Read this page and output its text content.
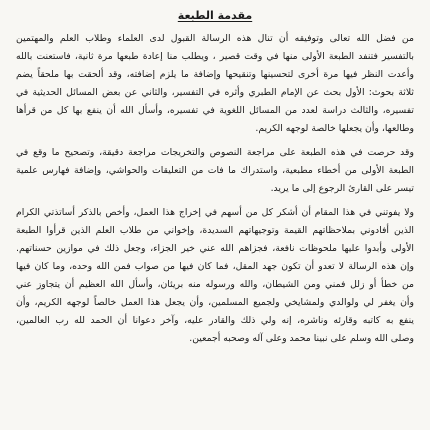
مقدمة الطبعة
من فضل الله تعالى وتوفيقه أن تنال هذه الرسالة القبول لدى العلماء وطلاب العلم والمهتمين
بالتفسير فتنفد الطبعة الأولى منها في وقت قصير ، ويطلب منا إعادة طبعها مرة ثانية، فاستعنت بالله
وأعدت النظر فيها مرة أخرى لتحسينها وتنقيحها وإضافة ما يلزم إضافته، وقد ألحقت بها ملحقاً يضم
ثلاثة بحوث: الأول بحث عن الإمام الطبري وأثره في التفسير، والثاني عن بعض المسائل الحديثية في
تفسيره، والثالث دراسة لعدد من المسائل اللغوية في تفسيره، وأسأل الله أن ينفع بها كل من قرأها
وطالعها، وأن يجعلها خالصة لوجهه الكريم.
وقد حرصت في هذه الطبعة على مراجعة النصوص والتخريجات مراجعة دقيقة، وتصحيح ما وقع في
الطبعة الأولى من أخطاء مطبعية، واستدراك ما فات من التعليقات والحواشي، وإضافة فهارس علمية
تيسر على القارئ الرجوع إلى ما يريد.
ولا يفوتني في هذا المقام أن أشكر كل من أسهم في إخراج هذا العمل، وأخص بالذكر أساتذتي الكرام
الذين أفادوني بملاحظاتهم القيمة وتوجيهاتهم السديدة، وإخواني من طلاب العلم الذين قرأوا الطبعة
الأولى وأبدوا عليها ملحوظات نافعة، فجزاهم الله عني خير الجزاء، وجعل ذلك في موازين حسناتهم.
وإن هذه الرسالة لا تعدو أن تكون جهد المقل، فما كان فيها من صواب فمن الله وحده، وما كان فيها
من خطأ أو زلل فمني ومن الشيطان، والله ورسوله منه بريئان، وأسأل الله العظيم أن يتجاوز عني
وأن يغفر لي ولوالدي ولمشايخي ولجميع المسلمين، وأن يجعل هذا العمل خالصاً لوجهه الكريم، وأن
ينفع به كاتبه وقارئه وناشره، إنه ولي ذلك والقادر عليه، وآخر دعوانا أن الحمد لله رب العالمين،
وصلى الله وسلم على نبينا محمد وعلى آله وصحبه أجمعين.
